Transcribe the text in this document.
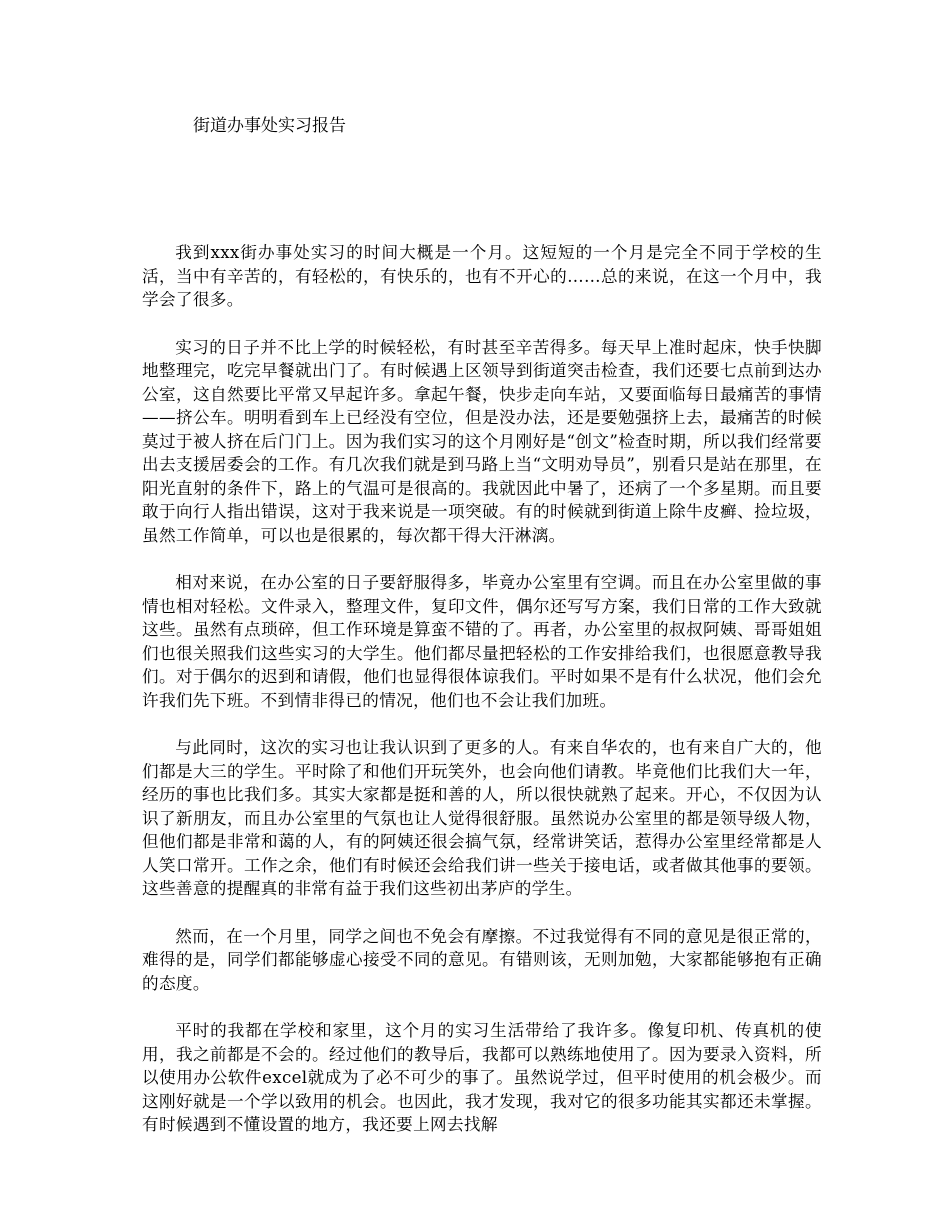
街道办事处实习报告

我到xxx街办事处实习的时间大概是一个月。这短短的一个月是完全不同于学校的生活，当中有辛苦的，有轻松的，有快乐的，也有不开心的……总的来说，在这一个月中，我学会了很多。

实习的日子并不比上学的时候轻松，有时甚至辛苦得多。每天早上准时起床，快手快脚地整理完，吃完早餐就出门了。有时候遇上区领导到街道突击检查，我们还要七点前到达办公室，这自然要比平常又早起许多。拿起午餐，快步走向车站，又要面临每日最痛苦的事情——挤公车。明明看到车上已经没有空位，但是没办法，还是要勉强挤上去，最痛苦的时候莫过于被人挤在后门门上。因为我们实习的这个月刚好是“创文”检查时期，所以我们经常要出去支援居委会的工作。有几次我们就是到马路上当“文明劝导员”，别看只是站在那里，在阳光直射的条件下，路上的气温可是很高的。我就因此中暑了，还病了一个多星期。而且要敢于向行人指出错误，这对于我来说是一项突破。有的时候就到街道上除牛皮癣、捡垃圾，虽然工作简单，可以也是很累的，每次都干得大汗淋漓。

相对来说，在办公室的日子要舒服得多，毕竟办公室里有空调。而且在办公室里做的事情也相对轻松。文件录入，整理文件，复印文件，偶尔还写写方案，我们日常的工作大致就这些。虽然有点琐碎，但工作环境是算蛮不错的了。再者，办公室里的叔叔阿姨、哥哥姐姐们也很关照我们这些实习的大学生。他们都尽量把轻松的工作安排给我们，也很愿意教导我们。对于偶尔的迟到和请假，他们也显得很体谅我们。平时如果不是有什么状况，他们会允许我们先下班。不到情非得已的情况，他们也不会让我们加班。

与此同时，这次的实习也让我认识到了更多的人。有来自华农的，也有来自广大的，他们都是大三的学生。平时除了和他们开玩笑外，也会向他们请教。毕竟他们比我们大一年，经历的事也比我们多。其实大家都是挺和善的人，所以很快就熟了起来。开心，不仅因为认识了新朋友，而且办公室里的气氛也让人觉得很舒服。虽然说办公室里的都是领导级人物，但他们都是非常和蔼的人，有的阿姨还很会搞气氛，经常讲笑话，惹得办公室里经常都是人人笑口常开。工作之余，他们有时候还会给我们讲一些关于接电话，或者做其他事的要领。这些善意的提醒真的非常有益于我们这些初出茅庐的学生。

然而，在一个月里，同学之间也不免会有摩擦。不过我觉得有不同的意见是很正常的，难得的是，同学们都能够虚心接受不同的意见。有错则该，无则加勉，大家都能够抱有正确的态度。

平时的我都在学校和家里，这个月的实习生活带给了我许多。像复印机、传真机的使用，我之前都是不会的。经过他们的教导后，我都可以熟练地使用了。因为要录入资料，所以使用办公软件excel就成为了必不可少的事了。虽然说学过，但平时使用的机会极少。而这刚好就是一个学以致用的机会。也因此，我才发现，我对它的很多功能其实都还未掌握。有时候遇到不懂设置的地方，我还要上网去找解
